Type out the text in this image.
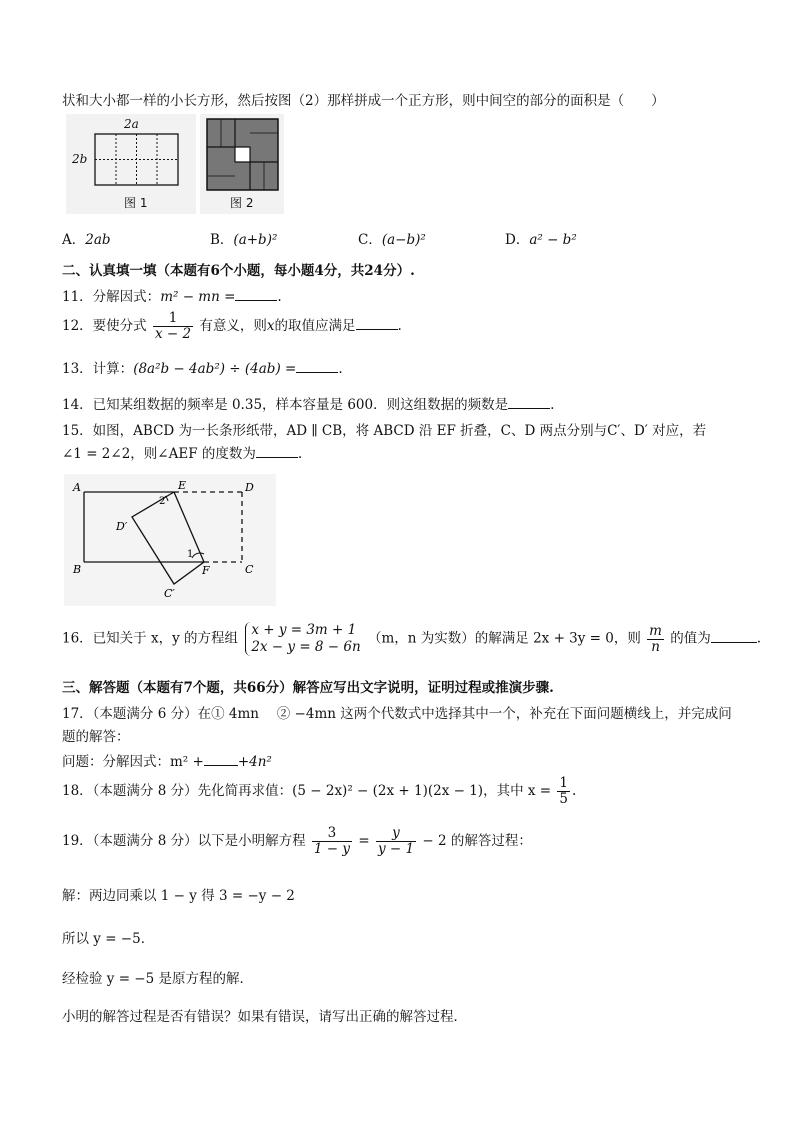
状和大小都一样的小长方形，然后按图（2）那样拼成一个正方形，则中间空的部分的面积是（　　）
2a
2b
图 1	图 2
A．2ab	B．(a+b)²	C．(a−b)²	D．a² − b²
二、认真填一填（本题有6个小题，每小题4分，共24分）.
11．分解因式：m² − mn =	.
12．要使分式 $\frac{1}{x - 2}$ 有意义，则x的取值应满足	.
13．计算：(8a²b − 4ab²) ÷ (4ab) =	.
14．已知某组数据的频率是 0.35，样本容量是 600．则这组数据的频数是	.
15．如图，ABCD 为一长条形纸带，AD ∥ CB，将 ABCD 沿 EF 折叠，C、D 两点分别与C′、D′ 对应，若
∠1 = 2∠2，则∠AEF 的度数为	.
A
B	C
D
E
F
C′
D′
1
2
16．已知关于 x，y 的方程组
x + y = 3m + 1
2x − y = 8 − 6n
（m，n 为实数）的解满足 2x + 3y = 0，则 $\frac{m}{n}$ 的值为	.
三、解答题（本题有7个题，共66分）解答应写出文字说明，证明过程或推演步骤.
17．（本题满分 6 分）在① 4mn　 ② −4mn 这两个代数式中选择其中一个，补充在下面问题横线上，并完成问
题的解答：
问题：分解因式：m² +	+4n²
18．（本题满分 8 分）先化简再求值：(5 − 2x)² − (2x + 1)(2x − 1)，其中 $x = \frac{1}{5}$ .
19．（本题满分 8 分）以下是小明解方程 $\frac{3}{1 - y} = \frac{y}{y - 1} - 2$ 的解答过程：
解：两边同乘以 1 − y 得 3 = −y − 2
所以 y = −5．
经检验 y = −5 是原方程的解．
小明的解答过程是否有错误？如果有错误，请写出正确的解答过程．
